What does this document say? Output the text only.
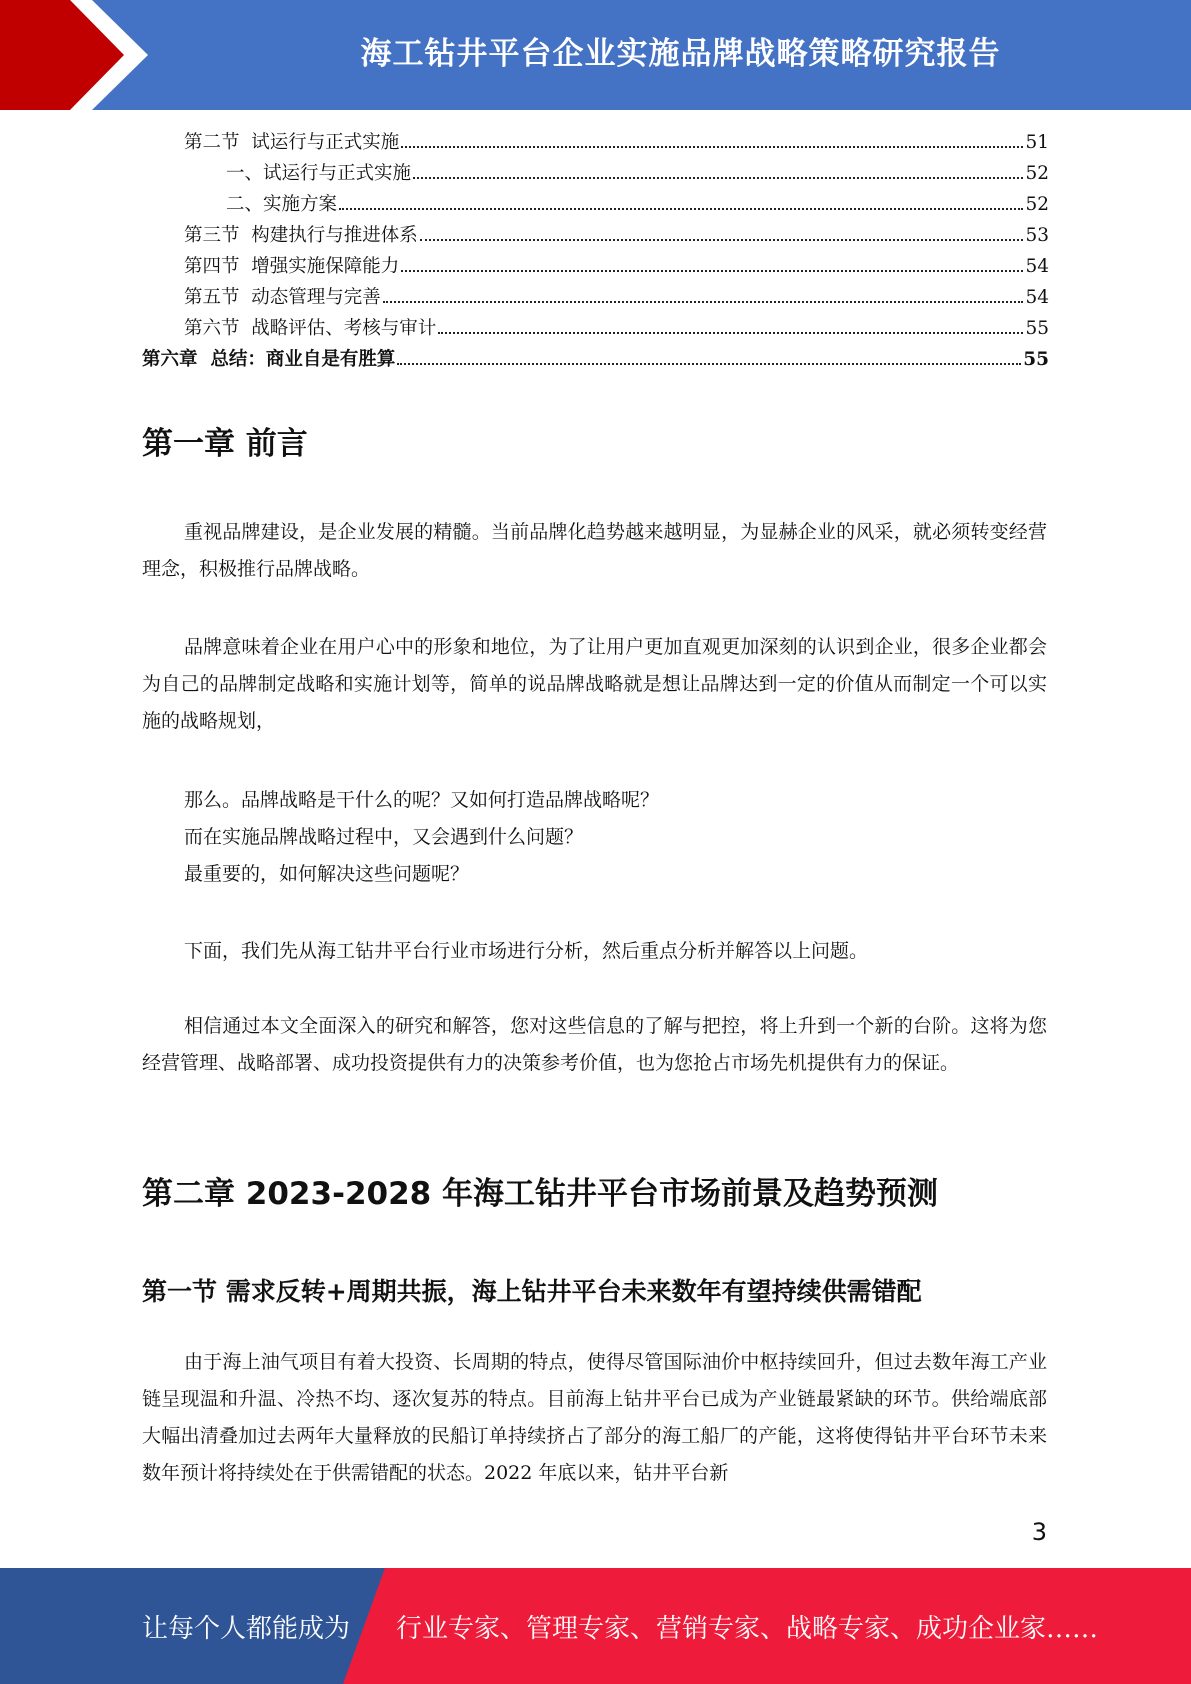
海工钻井平台企业实施品牌战略策略研究报告
第二节  试运行与正式实施	51
一、试运行与正式实施	52
二、实施方案	52
第三节  构建执行与推进体系	53
第四节  增强实施保障能力	54
第五节  动态管理与完善	54
第六节  战略评估、考核与审计	55
第六章  总结：商业自是有胜算	55
第一章 前言

重视品牌建设，是企业发展的精髓。当前品牌化趋势越来越明显，为显赫企业的风采，就必须转变经营理念，积极推行品牌战略。

品牌意味着企业在用户心中的形象和地位，为了让用户更加直观更加深刻的认识到企业，很多企业都会为自己的品牌制定战略和实施计划等，简单的说品牌战略就是想让品牌达到一定的价值从而制定一个可以实施的战略规划，

那么。品牌战略是干什么的呢？又如何打造品牌战略呢？

而在实施品牌战略过程中，又会遇到什么问题？

最重要的，如何解决这些问题呢？

下面，我们先从海工钻井平台行业市场进行分析，然后重点分析并解答以上问题。

相信通过本文全面深入的研究和解答，您对这些信息的了解与把控，将上升到一个新的台阶。这将为您经营管理、战略部署、成功投资提供有力的决策参考价值，也为您抢占市场先机提供有力的保证。

第二章 2023-2028 年海工钻井平台市场前景及趋势预测
第一节 需求反转+周期共振，海上钻井平台未来数年有望持续供需错配

由于海上油气项目有着大投资、长周期的特点，使得尽管国际油价中枢持续回升，但过去数年海工产业链呈现温和升温、冷热不均、逐次复苏的特点。目前海上钻井平台已成为产业链最紧缺的环节。供给端底部大幅出清叠加过去两年大量释放的民船订单持续挤占了部分的海工船厂的产能，这将使得钻井平台环节未来数年预计将持续处在于供需错配的状态。2022 年底以来，钻井平台新

3
让每个人都能成为 行业专家、管理专家、营销专家、战略专家、成功企业家……
